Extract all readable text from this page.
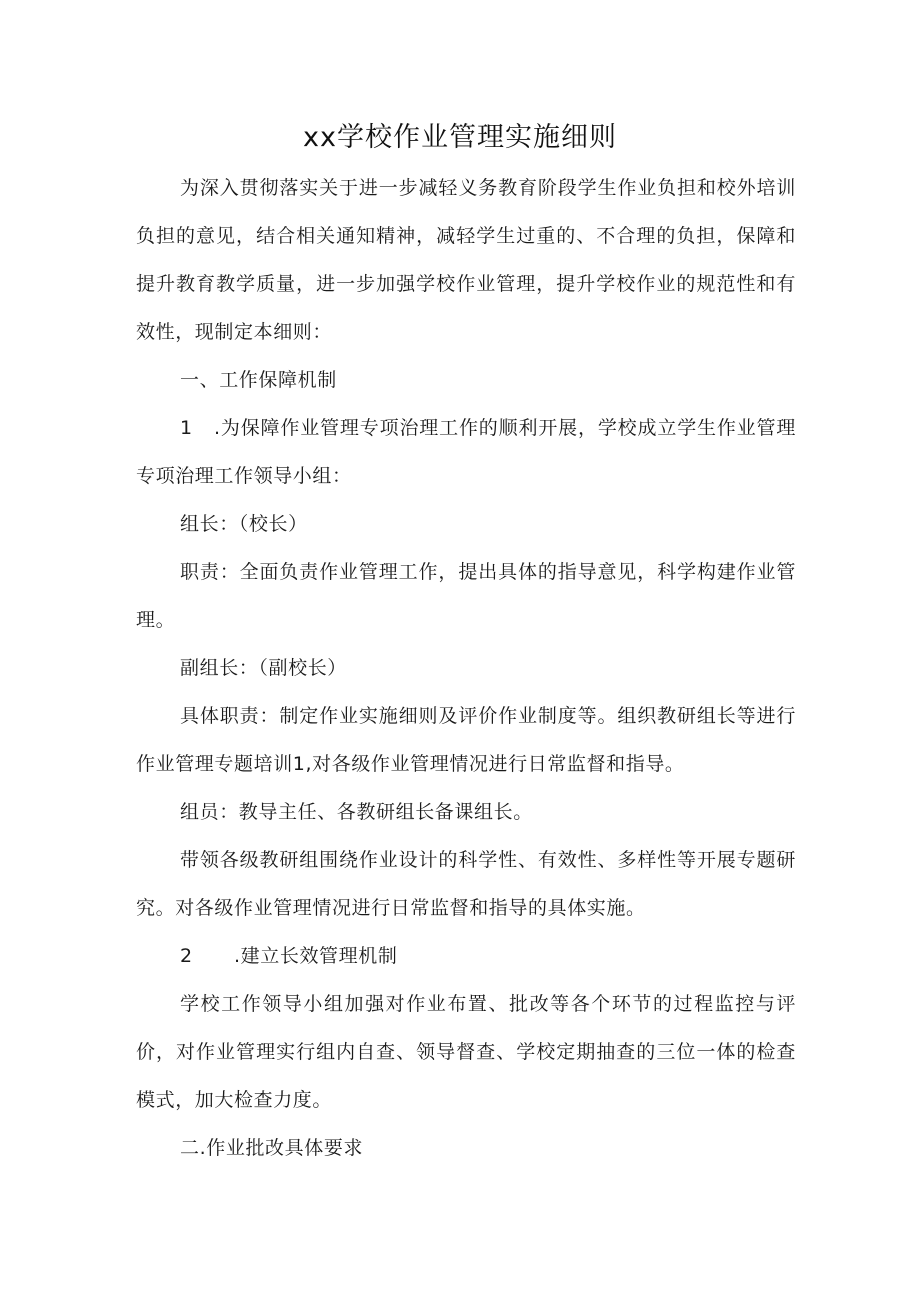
xx学校作业管理实施细则

为深入贯彻落实关于进一步减轻义务教育阶段学生作业负担和校外培训负担的意见，结合相关通知精神，减轻学生过重的、不合理的负担，保障和提升教育教学质量，进一步加强学校作业管理，提升学校作业的规范性和有效性，现制定本细则：

一、工作保障机制

1 .为保障作业管理专项治理工作的顺利开展，学校成立学生作业管理专项治理工作领导小组：

组长：（校长）

职责：全面负责作业管理工作，提出具体的指导意见，科学构建作业管理。

副组长：（副校长）

具体职责：制定作业实施细则及评价作业制度等。组织教研组长等进行作业管理专题培训1,对各级作业管理情况进行日常监督和指导。

组员：教导主任、各教研组长备课组长。

带领各级教研组围绕作业设计的科学性、有效性、多样性等开展专题研究。对各级作业管理情况进行日常监督和指导的具体实施。

2 .建立长效管理机制

学校工作领导小组加强对作业布置、批改等各个环节的过程监控与评价，对作业管理实行组内自查、领导督查、学校定期抽查的三位一体的检查模式，加大检查力度。

二.作业批改具体要求
